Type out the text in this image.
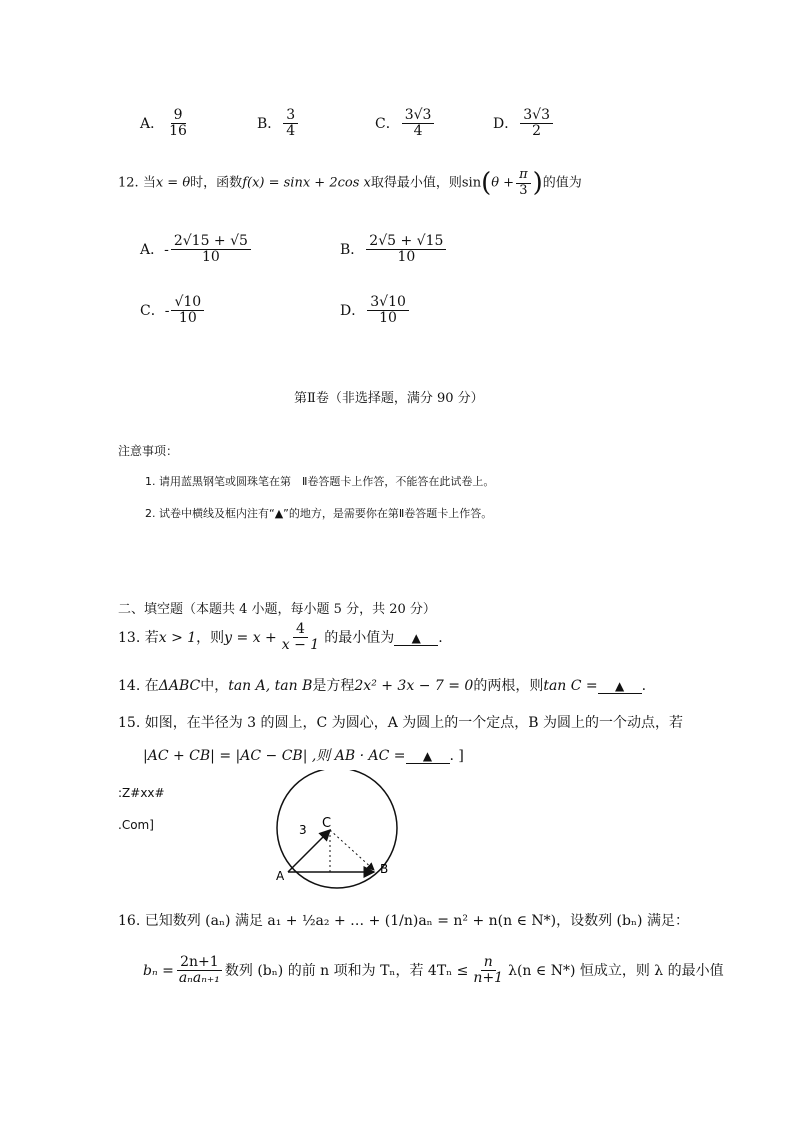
A． $\frac{9}{16}$	B． $\frac{3}{4}$	C． $\frac{3√3}{4}$	D． $\frac{3√3}{2}$
12. 当x = θ时，函数f(x) = sinx + 2cos x取得最小值，则$\sin(\theta + \frac{\pi}{3}$ )的值为
A．- $\frac{2√15 + √5}{10}$	B． $\frac{2√5 + √15}{10}$
C．- $\frac{√10}{10}$	D． $\frac{3√10}{10}$
第Ⅱ卷（非选择题，满分 90 分）
注意事项：
1. 请用蓝黑钢笔或圆珠笔在第　Ⅱ卷答题卡上作答，不能答在此试卷上。
2. 试卷中横线及框内注有“▲”的地方，是需要你在第Ⅱ卷答题卡上作答。
二、填空题（本题共 4 小题，每小题 5 分，共 20 分）
13. 若x > 1，则$y = x + \frac{4}{x - 1}$ 的最小值为 ▲ .
14. 在ΔABC中，tan A, tan B是方程2x² + 3x − 7 = 0的两根，则tan C = ▲ .
15. 如图，在半径为 3 的圆上，C 为圆心，A 为圆上的一个定点，B 为圆上的一个动点，若
|AC + CB| = |AC − CB| ,则 AB · AC = ▲ . ]
:Z#xx#
.Com]	3 C
A	B
16. 已知数列 (aₙ) 满足 a₁ + ½a₂ + … + (1/n)aₙ = n² + n(n ∈ N*)，设数列 (bₙ) 满足：
$b_n = \frac{2n+1}{\text{aₙaₙ₊₁}}$ 数列 (bₙ) 的前 n 项和为 Tₙ，若 $4T_n \le \frac{n}{n+1} \lambda(n$ ∈ N*) 恒成立，则 λ 的最小值
